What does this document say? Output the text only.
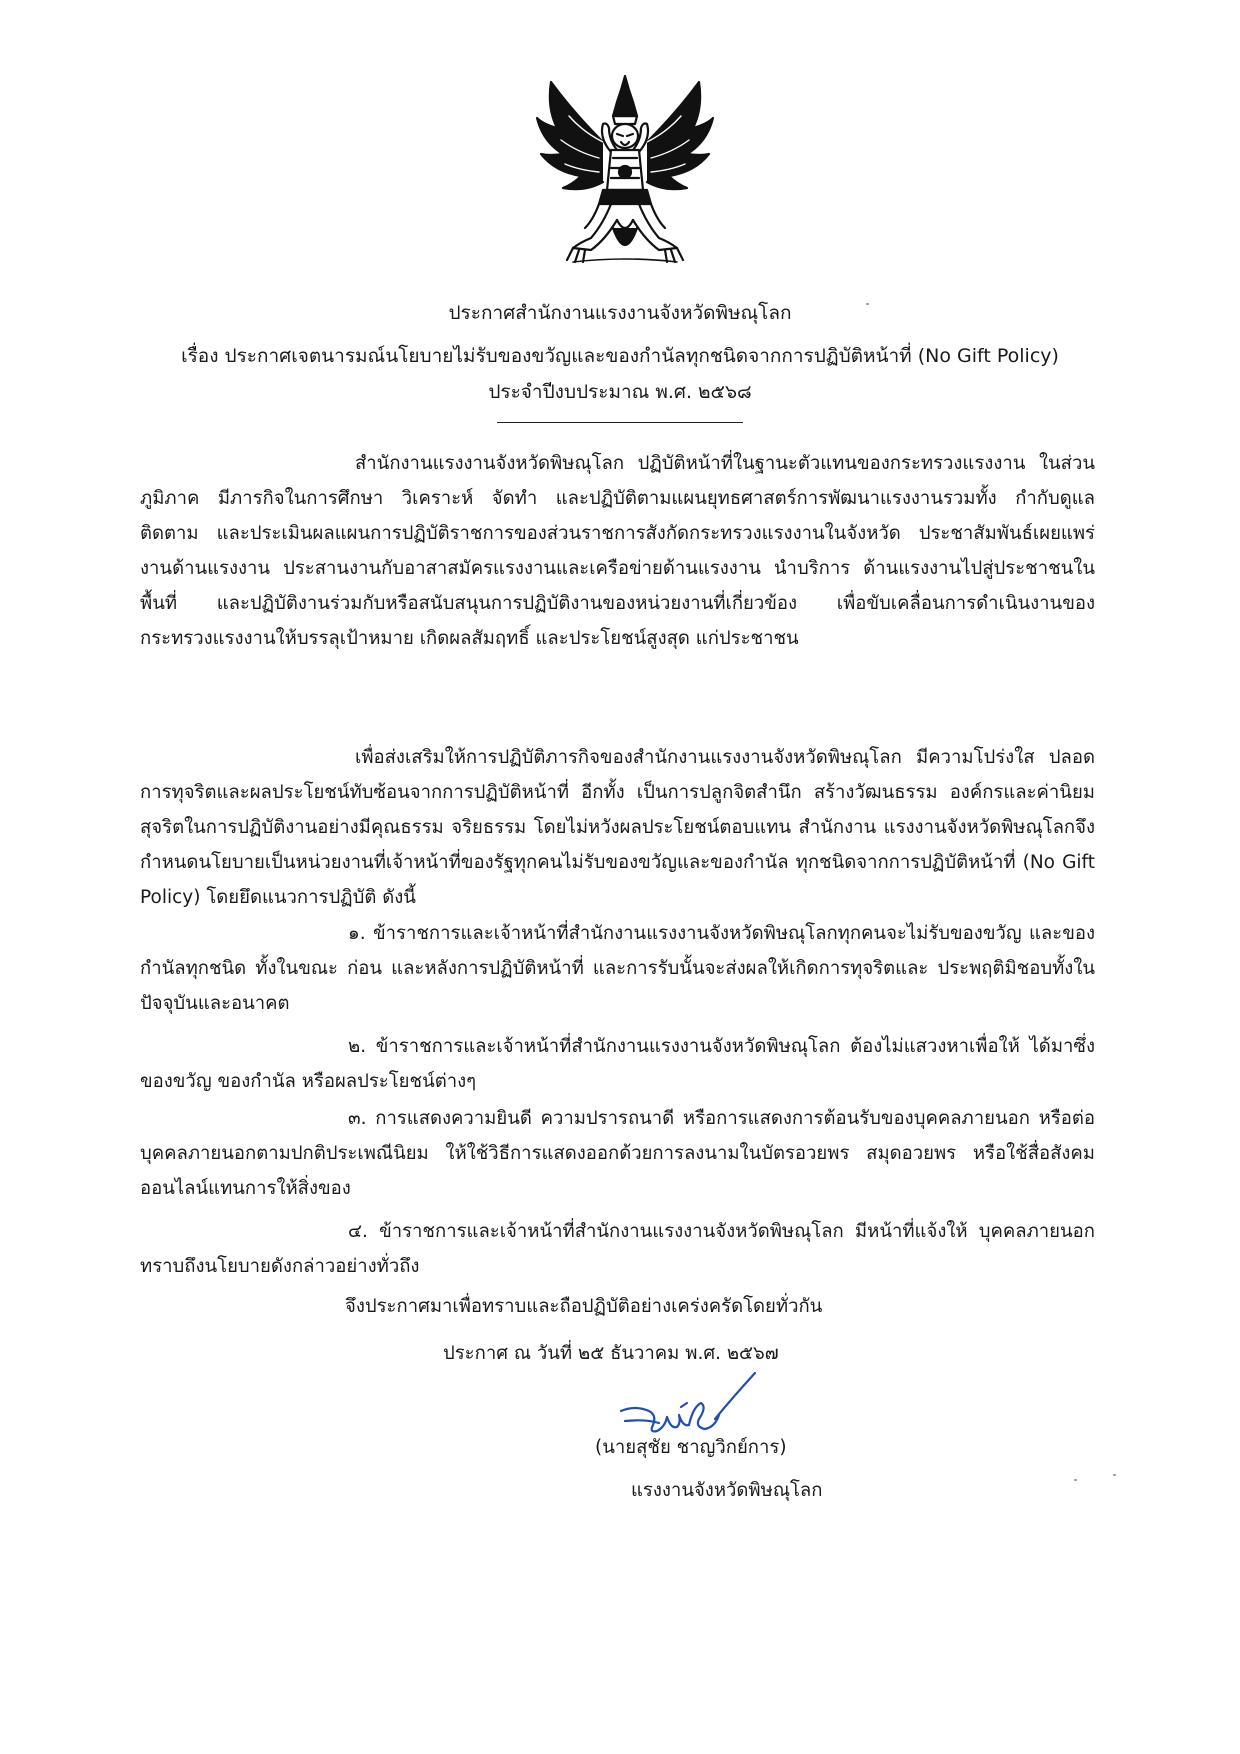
ประกาศสำนักงานแรงงานจังหวัดพิษณุโลก
เรื่อง ประกาศเจตนารมณ์นโยบายไม่รับของขวัญและของกำนัลทุกชนิดจากการปฏิบัติหน้าที่ (No Gift Policy)
ประจำปีงบประมาณ พ.ศ. ๒๕๖๘
สำนักงานแรงงานจังหวัดพิษณุโลก ปฏิบัติหน้าที่ในฐานะตัวแทนของกระทรวงแรงงาน ในส่วนภูมิภาค มีภารกิจในการศึกษา วิเคราะห์ จัดทำ และปฏิบัติตามแผนยุทธศาสตร์การพัฒนาแรงงานรวมทั้ง กำกับดูแล ติดตาม และประเมินผลแผนการปฏิบัติราชการของส่วนราชการสังกัดกระทรวงแรงงานในจังหวัด ประชาสัมพันธ์เผยแพร่งานด้านแรงงาน ประสานงานกับอาสาสมัครแรงงานและเครือข่ายด้านแรงงาน นำบริการ ด้านแรงงานไปสู่ประชาชนในพื้นที่ และปฏิบัติงานร่วมกับหรือสนับสนุนการปฏิบัติงานของหน่วยงานที่เกี่ยวข้อง เพื่อขับเคลื่อนการดำเนินงานของกระทรวงแรงงานให้บรรลุเป้าหมาย เกิดผลสัมฤทธิ์ และประโยชน์สูงสุด แก่ประชาชน
เพื่อส่งเสริมให้การปฏิบัติภารกิจของสำนักงานแรงงานจังหวัดพิษณุโลก มีความโปร่งใส ปลอดการทุจริตและผลประโยชน์ทับซ้อนจากการปฏิบัติหน้าที่ อีกทั้ง เป็นการปลูกจิตสำนึก สร้างวัฒนธรรม องค์กรและค่านิยมสุจริตในการปฏิบัติงานอย่างมีคุณธรรม จริยธรรม โดยไม่หวังผลประโยชน์ตอบแทน สำนักงาน แรงงานจังหวัดพิษณุโลกจึงกำหนดนโยบายเป็นหน่วยงานที่เจ้าหน้าที่ของรัฐทุกคนไม่รับของขวัญและของกำนัล ทุกชนิดจากการปฏิบัติหน้าที่ (No Gift Policy) โดยยึดแนวการปฏิบัติ ดังนี้
๑. ข้าราชการและเจ้าหน้าที่สำนักงานแรงงานจังหวัดพิษณุโลกทุกคนจะไม่รับของขวัญ และของกำนัลทุกชนิด ทั้งในขณะ ก่อน และหลังการปฏิบัติหน้าที่ และการรับนั้นจะส่งผลให้เกิดการทุจริตและ ประพฤติมิชอบทั้งในปัจจุบันและอนาคต
๒. ข้าราชการและเจ้าหน้าที่สำนักงานแรงงานจังหวัดพิษณุโลก ต้องไม่แสวงหาเพื่อให้ ได้มาซึ่งของขวัญ ของกำนัล หรือผลประโยชน์ต่างๆ
๓. การแสดงความยินดี ความปรารถนาดี หรือการแสดงการต้อนรับของบุคคลภายนอก หรือต่อบุคคลภายนอกตามปกติประเพณีนิยม ให้ใช้วิธีการแสดงออกด้วยการลงนามในบัตรอวยพร สมุดอวยพร หรือใช้สื่อสังคมออนไลน์แทนการให้สิ่งของ
๔. ข้าราชการและเจ้าหน้าที่สำนักงานแรงงานจังหวัดพิษณุโลก มีหน้าที่แจ้งให้ บุคคลภายนอกทราบถึงนโยบายดังกล่าวอย่างทั่วถึง
จึงประกาศมาเพื่อทราบและถือปฏิบัติอย่างเคร่งครัดโดยทั่วกัน
ประกาศ ณ วันที่ ๒๕ ธันวาคม พ.ศ. ๒๕๖๗
(นายสุชัย ชาญวิกย์การ)
แรงงานจังหวัดพิษณุโลก
